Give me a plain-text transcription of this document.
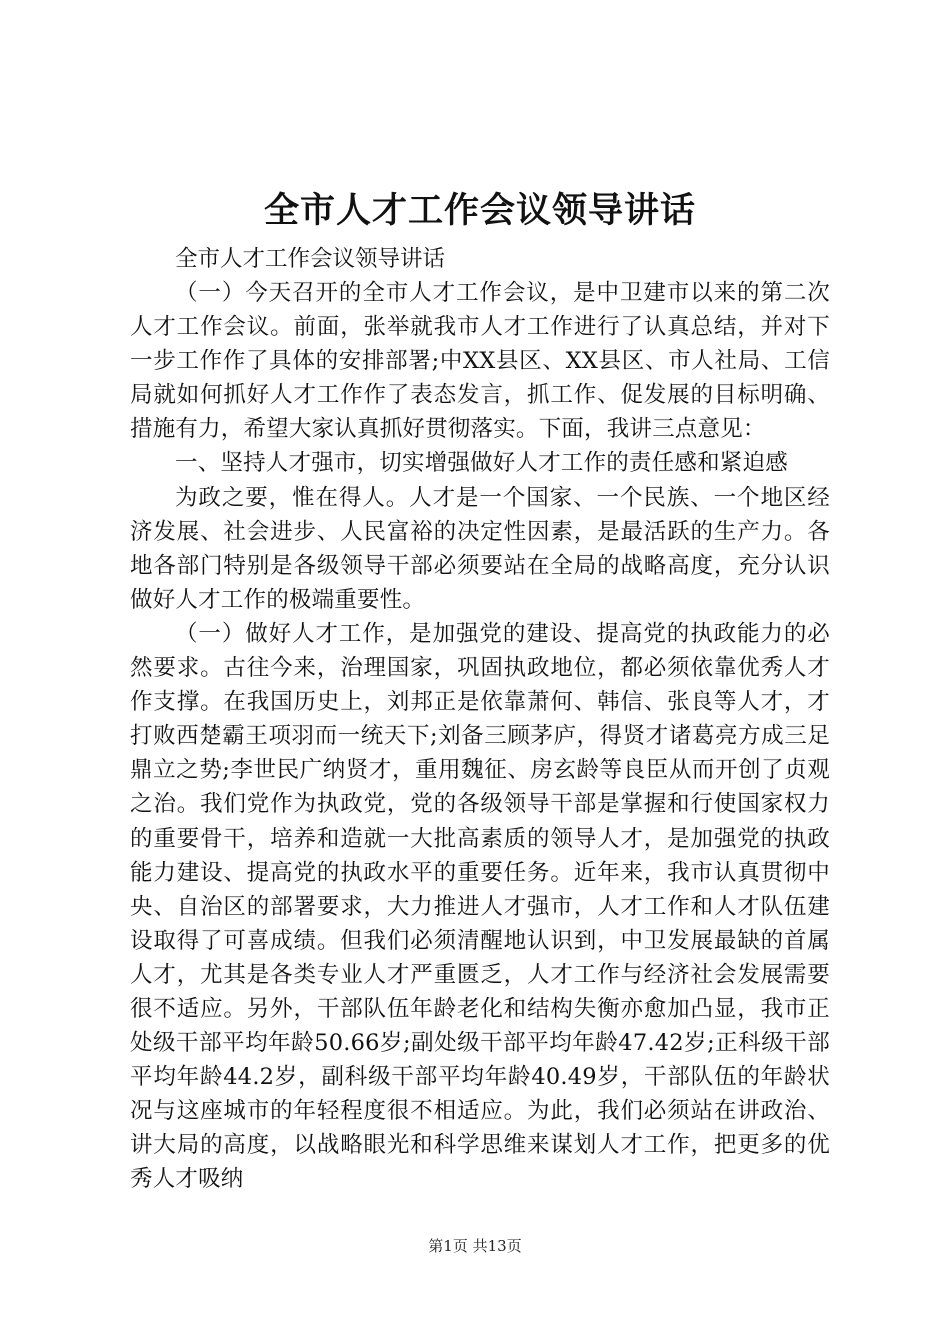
全市人才工作会议领导讲话

全市人才工作会议领导讲话

（一）今天召开的全市人才工作会议，是中卫建市以来的第二次人才工作会议。前面，张举就我市人才工作进行了认真总结，并对下一步工作作了具体的安排部署;中XX县区、XX县区、市人社局、工信局就如何抓好人才工作作了表态发言，抓工作、促发展的目标明确、措施有力，希望大家认真抓好贯彻落实。下面，我讲三点意见：

一、坚持人才强市，切实增强做好人才工作的责任感和紧迫感

为政之要，惟在得人。人才是一个国家、一个民族、一个地区经济发展、社会进步、人民富裕的决定性因素，是最活跃的生产力。各地各部门特别是各级领导干部必须要站在全局的战略高度，充分认识做好人才工作的极端重要性。

（一）做好人才工作，是加强党的建设、提高党的执政能力的必然要求。古往今来，治理国家，巩固执政地位，都必须依靠优秀人才作支撑。在我国历史上，刘邦正是依靠萧何、韩信、张良等人才，才打败西楚霸王项羽而一统天下;刘备三顾茅庐，得贤才诸葛亮方成三足鼎立之势;李世民广纳贤才，重用魏征、房玄龄等良臣从而开创了贞观之治。我们党作为执政党，党的各级领导干部是掌握和行使国家权力的重要骨干，培养和造就一大批高素质的领导人才，是加强党的执政能力建设、提高党的执政水平的重要任务。近年来，我市认真贯彻中央、自治区的部署要求，大力推进人才强市，人才工作和人才队伍建设取得了可喜成绩。但我们必须清醒地认识到，中卫发展最缺的首属人才，尤其是各类专业人才严重匮乏，人才工作与经济社会发展需要很不适应。另外，干部队伍年龄老化和结构失衡亦愈加凸显，我市正处级干部平均年龄50.66岁;副处级干部平均年龄47.42岁;正科级干部平均年龄44.2岁，副科级干部平均年龄40.49岁，干部队伍的年龄状况与这座城市的年轻程度很不相适应。为此，我们必须站在讲政治、讲大局的高度，以战略眼光和科学思维来谋划人才工作，把更多的优秀人才吸纳

第1页 共13页
